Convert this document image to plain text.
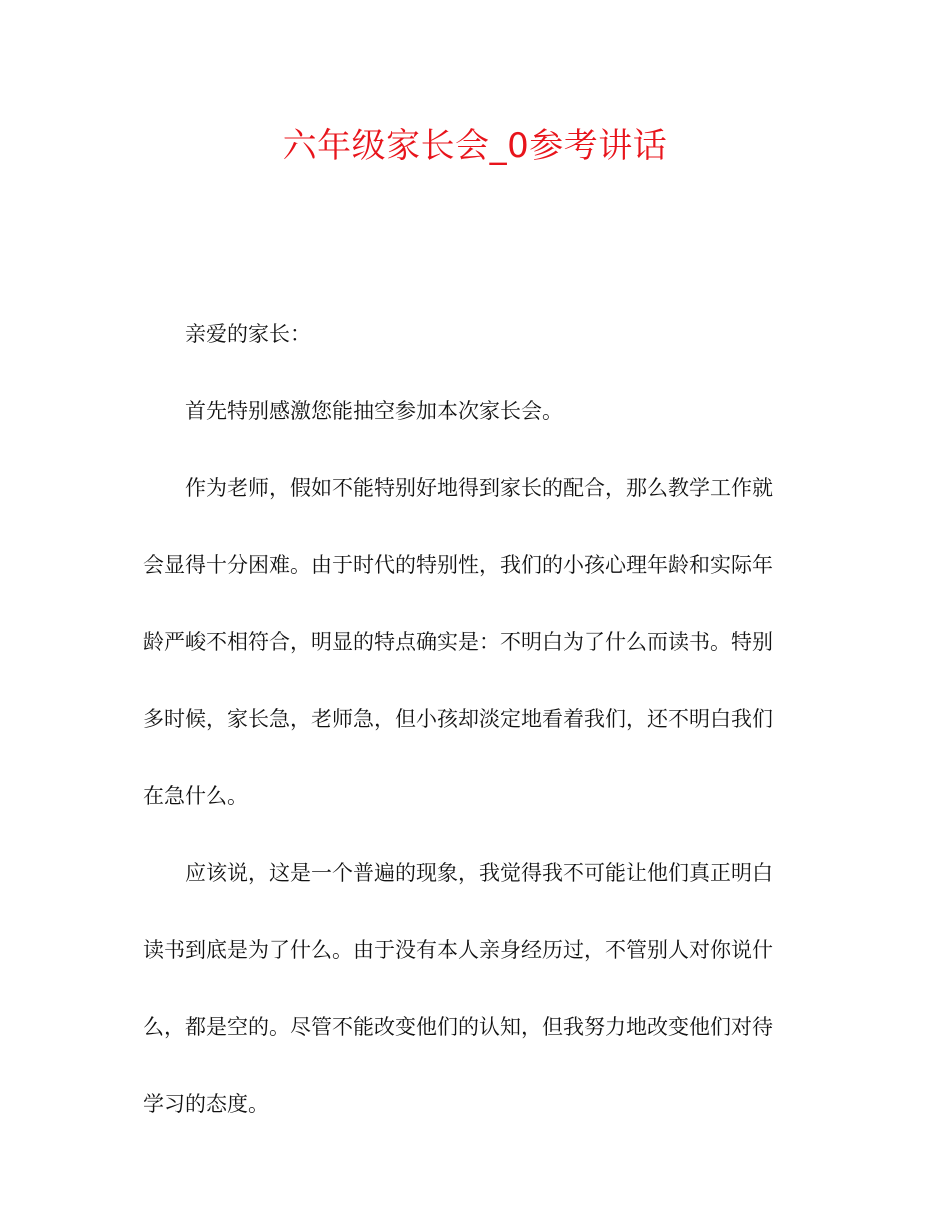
六年级家长会_0参考讲话

亲爱的家长：

首先特别感激您能抽空参加本次家长会。

作为老师，假如不能特别好地得到家长的配合，那么教学工作就
会显得十分困难。由于时代的特别性，我们的小孩心理年龄和实际年
龄严峻不相符合，明显的特点确实是：不明白为了什么而读书。特别
多时候，家长急，老师急，但小孩却淡定地看着我们，还不明白我们
在急什么。

应该说，这是一个普遍的现象，我觉得我不可能让他们真正明白
读书到底是为了什么。由于没有本人亲身经历过，不管别人对你说什
么，都是空的。尽管不能改变他们的认知，但我努力地改变他们对待
学习的态度。
